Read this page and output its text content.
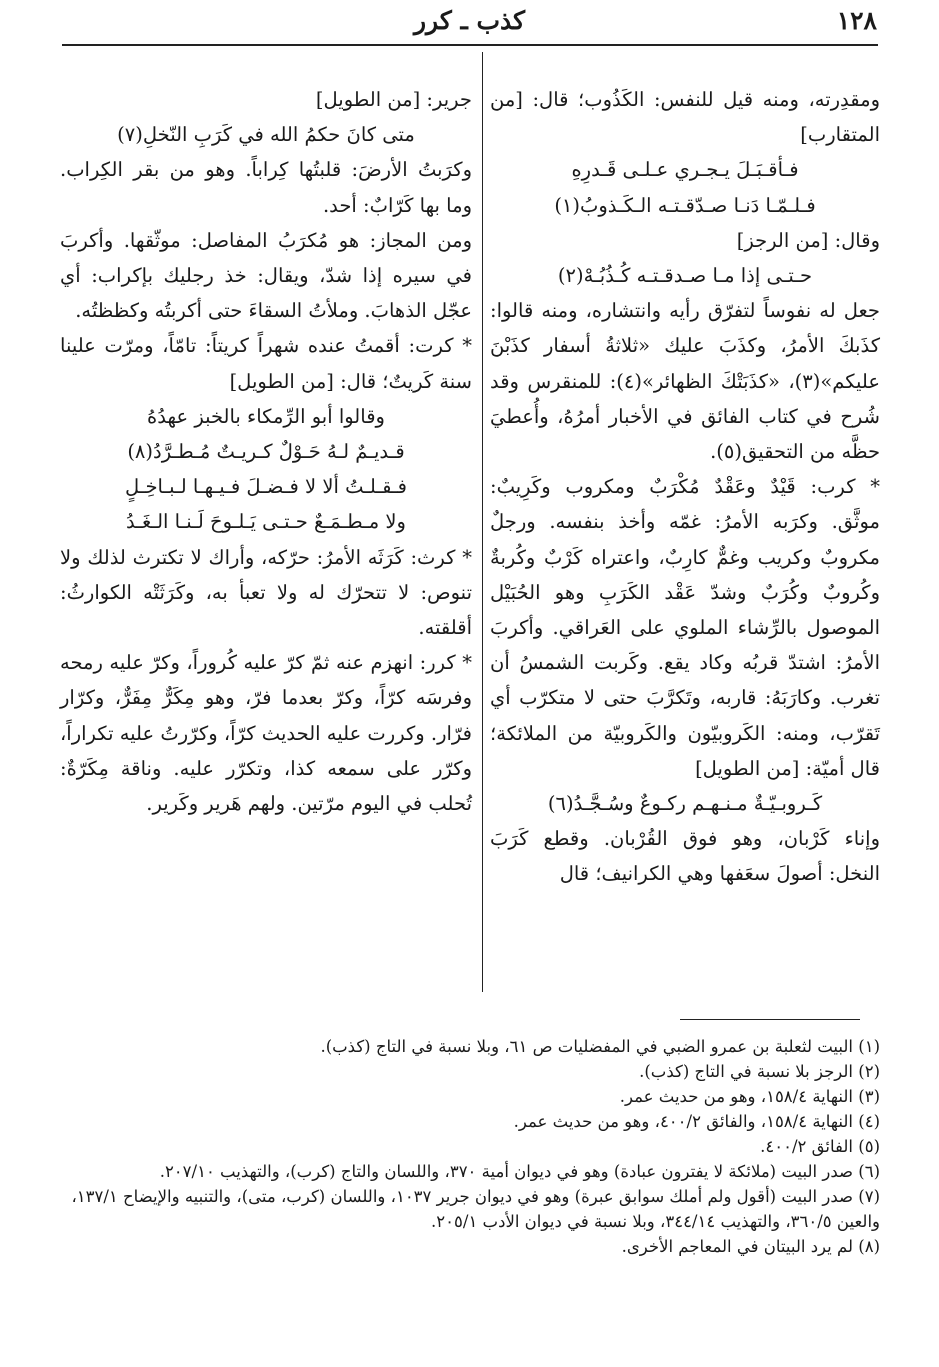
١٢٨
كذب ـ كرر

ومقدِرته، ومنه قيل للنفس: الكَذُوب؛ قال: [من المتقارب]

فـأقـبَـلَ يـجـري عـلـى قَـدرِهِ

فـلـمّـا دَنـا صـدّقـتـه الـكَـذوبُ(١)

وقال: [من الرجز]

حـتـى إذا مـا صـدقـتـه كُـذُبُـهْ(٢)

جعل له نفوساً لتفرّق رأيه وانتشاره، ومنه قالوا: كذَبكَ الأمرُ، وكذَبَ عليك «ثلاثةُ أسفار كذَبْنَ عليكم»(٣)، «كذَبَتْكَ الظهائر»(٤): للمنقرس وقد شُرح في كتاب الفائق في الأخبار أمرُهُ، وأُعطيَ حظَّه من التحقيق(٥).

* كرب: قَيْدٌ وعَقْدٌ مُكْرَبٌ ومكروب وكَرِيبٌ: موثَّق. وكرَبه الأمرُ: غمّه وأخذ بنفسه. ورجلٌ مكروبٌ وكريب وغمٌّ كارِبٌ، واعتراه كَرْبٌ وكُربةٌ وكُروبٌ وكُرَبٌ وشدّ عَقْد الكَرَبِ وهو الحُبَيْل الموصول بالرِّشاء الملوي على العَراقي. وأكربَ الأمرُ: اشتدّ قربُه وكاد يقع. وكَربت الشمسُ أن تغرب. وكارَبَهُ: قاربه، وتَكرَّبَ حتى لا متكرّب أي تَقرّب، ومنه: الكَروبيّون والكَروبيّة من الملائكة؛ قال أميّة: [من الطويل]

كَـروبـيّـةٌ مـنـهـم ركـوعٌ وسُـجَّـدُ(٦)

وإناء كَرْبان، وهو فوق القُرْبان. وقطع كَرَبَ النخل: أصولَ سعَفها وهي الكرانيف؛ قال

جرير: [من الطويل]

متى كانَ حكمُ الله في كَرَبِ النّخلِ(٧)

وكرَبتُ الأرضَ: قلبتُها كِراباً. وهو من بقر الكِراب. وما بها كَرّابٌ: أحد.

ومن المجاز: هو مُكرَبُ المفاصل: موثّقها. وأكربَ في سيره إذا شدّ، ويقال: خذ رجليك بإكراب: أي عجّل الذهابَ. وملأتُ السقاءَ حتى أكربتُه وكظظتُه.

* كرت: أقمتُ عنده شهراً كريتاً: تامّاً، ومرّت علينا سنة كَريتٌ؛ قال: [من الطويل]

وقالوا أبو الرِّمكاء بالخبز عهدُهُ

قـديـمٌ لـهُ حَـوْلٌ كـريـتٌ مُـطـرَّدُ(٨)

فـقـلـتُ ألا لا فـضـلَ فـيـهـا لـبـاخِـلٍ

ولا مـطـمَـعٌ حـتـى يَـلـوحَ لَـنـا الـغَـدُ

* كرث: كَرَثَه الأمرُ: حرّكه، وأراك لا تكترث لذلك ولا تنوص: لا تتحرّك له ولا تعبأ به، وكَرَثَتْه الكوارثُ: أقلقته.

* كرر: انهزم عنه ثمّ كرّ عليه كُروراً، وكرّ عليه رمحه وفرسَه كرّاً، وكرّ بعدما فرّ، وهو مِكَرٌّ مِفَرٌّ، وكرّار فرّار. وكررت عليه الحديث كرّاً، وكرّرتُ عليه تكراراً، وكرّر على سمعه كذا، وتكرّر عليه. وناقة مِكَرّةٌ: تُحلب في اليوم مرّتين. ولهم هَرير وكَرير.

(١) البيت لثعلبة بن عمرو الضبي في المفضليات ص ٦١، وبلا نسبة في التاج (كذب).

(٢) الرجز بلا نسبة في التاج (كذب).

(٣) النهاية ١٥٨/٤، وهو من حديث عمر.

(٤) النهاية ١٥٨/٤، والفائق ٤٠٠/٢، وهو من حديث عمر.

(٥) الفائق ٤٠٠/٢.

(٦) صدر البيت (ملائكة لا يفترون عبادة) وهو في ديوان أمية ٣٧٠، واللسان والتاج (كرب)، والتهذيب ٢٠٧/١٠.

(٧) صدر البيت (أقول ولم أملك سوابق عبرة) وهو في ديوان جرير ١٠٣٧، واللسان (كرب، متى)، والتنبيه والإيضاح ١٣٧/١، والعين ٣٦٠/٥، والتهذيب ٣٤٤/١٤، وبلا نسبة في ديوان الأدب ٢٠٥/١.

(٨) لم يرد البيتان في المعاجم الأخرى.
